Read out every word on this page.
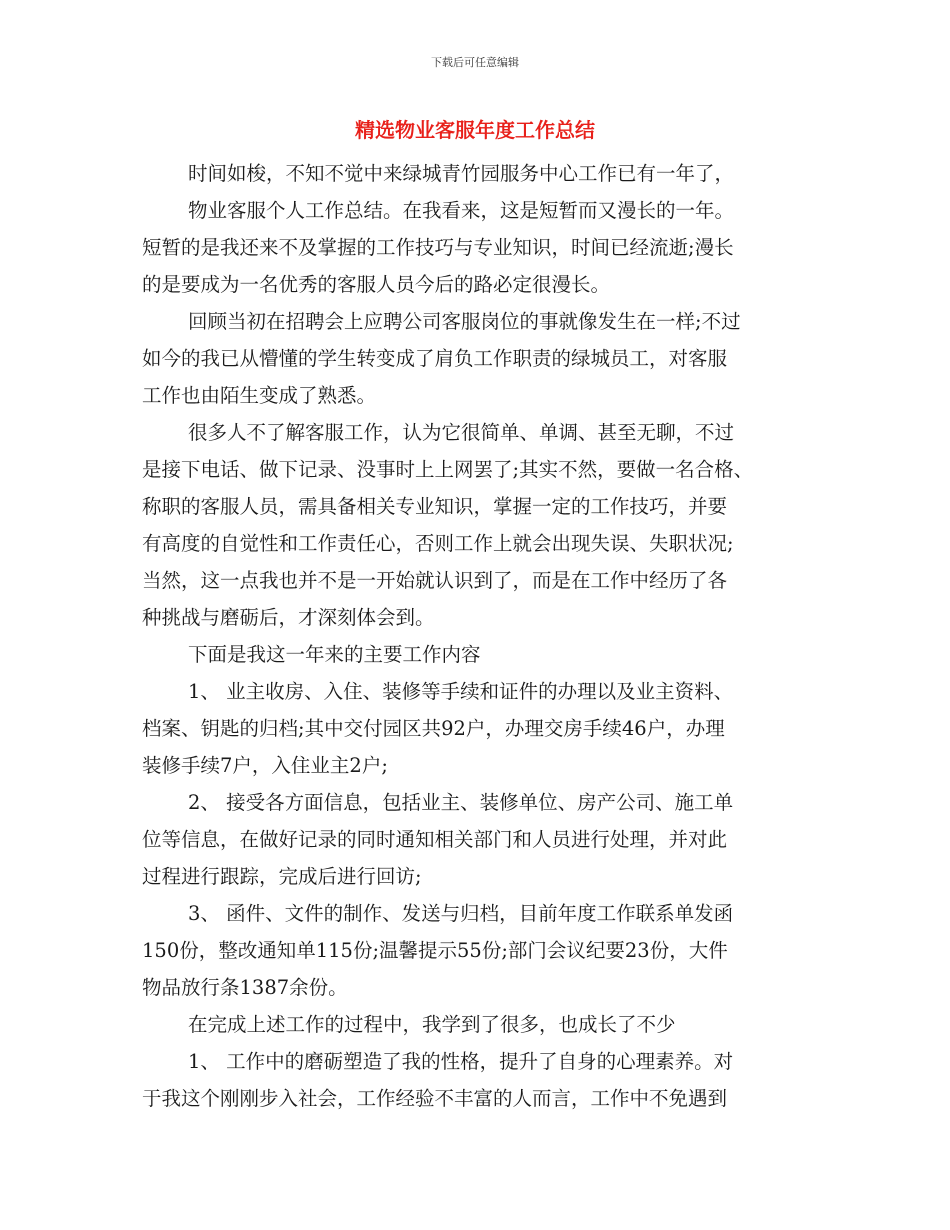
下载后可任意编辑
精选物业客服年度工作总结
时间如梭，不知不觉中来绿城青竹园服务中心工作已有一年了，
物业客服个人工作总结。在我看来，这是短暂而又漫长的一年。
短暂的是我还来不及掌握的工作技巧与专业知识，时间已经流逝;漫长
的是要成为一名优秀的客服人员今后的路必定很漫长。
回顾当初在招聘会上应聘公司客服岗位的事就像发生在一样;不过
如今的我已从懵懂的学生转变成了肩负工作职责的绿城员工，对客服
工作也由陌生变成了熟悉。
很多人不了解客服工作，认为它很简单、单调、甚至无聊，不过
是接下电话、做下记录、没事时上上网罢了;其实不然，要做一名合格、
称职的客服人员，需具备相关专业知识，掌握一定的工作技巧，并要
有高度的自觉性和工作责任心，否则工作上就会出现失误、失职状况;
当然，这一点我也并不是一开始就认识到了，而是在工作中经历了各
种挑战与磨砺后，才深刻体会到。
下面是我这一年来的主要工作内容
1、 业主收房、入住、装修等手续和证件的办理以及业主资料、
档案、钥匙的归档;其中交付园区共92户，办理交房手续46户，办理
装修手续7户，入住业主2户;
2、 接受各方面信息，包括业主、装修单位、房产公司、施工单
位等信息，在做好记录的同时通知相关部门和人员进行处理，并对此
过程进行跟踪，完成后进行回访;
3、 函件、文件的制作、发送与归档，目前年度工作联系单发函
150份，整改通知单115份;温馨提示55份;部门会议纪要23份，大件
物品放行条1387余份。
在完成上述工作的过程中，我学到了很多，也成长了不少
1、 工作中的磨砺塑造了我的性格，提升了自身的心理素养。对
于我这个刚刚步入社会，工作经验不丰富的人而言，工作中不免遇到
